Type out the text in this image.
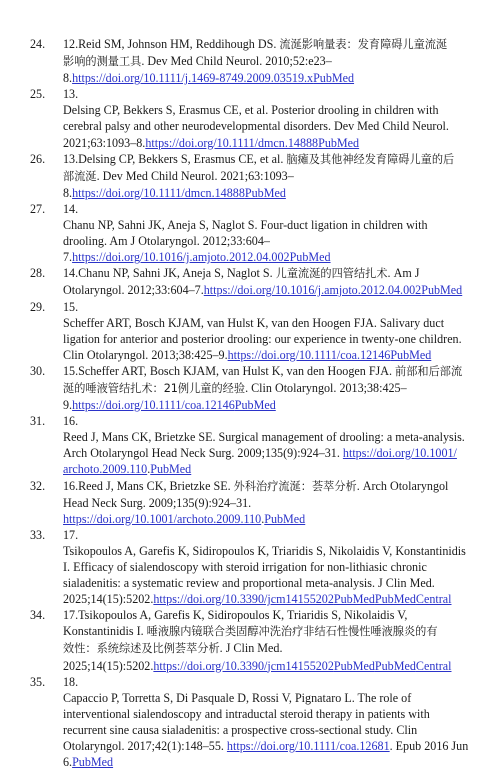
24.	12.Reid SM, Johnson HM, Reddihough DS. 流涎影响量表：发育障碍儿童流涎
影响的测量工具. Dev Med Child Neurol. 2010;52:e23–
8.https://doi.org/10.1111/j.1469-8749.2009.03519.xPubMed
25.	13.
Delsing CP, Bekkers S, Erasmus CE, et al. Posterior drooling in children with
cerebral palsy and other neurodevelopmental disorders. Dev Med Child Neurol.
2021;63:1093–8.https://doi.org/10.1111/dmcn.14888PubMed
26.	13.Delsing CP, Bekkers S, Erasmus CE, et al. 脑瘫及其他神经发育障碍儿童的后
部流涎. Dev Med Child Neurol. 2021;63:1093–
8.https://doi.org/10.1111/dmcn.14888PubMed
27.	14.
Chanu NP, Sahni JK, Aneja S, Naglot S. Four-duct ligation in children with
drooling. Am J Otolaryngol. 2012;33:604–
7.https://doi.org/10.1016/j.amjoto.2012.04.002PubMed
28.	14.Chanu NP, Sahni JK, Aneja S, Naglot S. 儿童流涎的四管结扎术. Am J
Otolaryngol. 2012;33:604–7.https://doi.org/10.1016/j.amjoto.2012.04.002PubMed
29.	15.
Scheffer ART, Bosch KJAM, van Hulst K, van den Hoogen FJA. Salivary duct
ligation for anterior and posterior drooling: our experience in twenty-one children.
Clin Otolaryngol. 2013;38:425–9.https://doi.org/10.1111/coa.12146PubMed
30.	15.Scheffer ART, Bosch KJAM, van Hulst K, van den Hoogen FJA. 前部和后部流
涎的唾液管结扎术：21例儿童的经验. Clin Otolaryngol. 2013;38:425–
9.https://doi.org/10.1111/coa.12146PubMed
31.	16.
Reed J, Mans CK, Brietzke SE. Surgical management of drooling: a meta-analysis.
Arch Otolaryngol Head Neck Surg. 2009;135(9):924–31. https://doi.org/10.1001/
archoto.2009.110.PubMed
32.	16.Reed J, Mans CK, Brietzke SE. 外科治疗流涎：荟萃分析. Arch Otolaryngol
Head Neck Surg. 2009;135(9):924–31.
https://doi.org/10.1001/archoto.2009.110.PubMed
33.	17.
Tsikopoulos A, Garefis K, Sidiropoulos K, Triaridis S, Nikolaidis V, Konstantinidis
I. Efficacy of sialendoscopy with steroid irrigation for non-lithiasic chronic
sialadenitis: a systematic review and proportional meta-analysis. J Clin Med.
2025;14(15):5202.https://doi.org/10.3390/jcm14155202PubMedPubMedCentral
34.	17.Tsikopoulos A, Garefis K, Sidiropoulos K, Triaridis S, Nikolaidis V,
Konstantinidis I. 唾液腺内镜联合类固醇冲洗治疗非结石性慢性唾液腺炎的有
效性：系统综述及比例荟萃分析. J Clin Med.
2025;14(15):5202.https://doi.org/10.3390/jcm14155202PubMedPubMedCentral
35.	18.
Capaccio P, Torretta S, Di Pasquale D, Rossi V, Pignataro L. The role of
interventional sialendoscopy and intraductal steroid therapy in patients with
recurrent sine causa sialadenitis: a prospective cross-sectional study. Clin
Otolaryngol. 2017;42(1):148–55. https://doi.org/10.1111/coa.12681. Epub 2016 Jun
6.PubMed
